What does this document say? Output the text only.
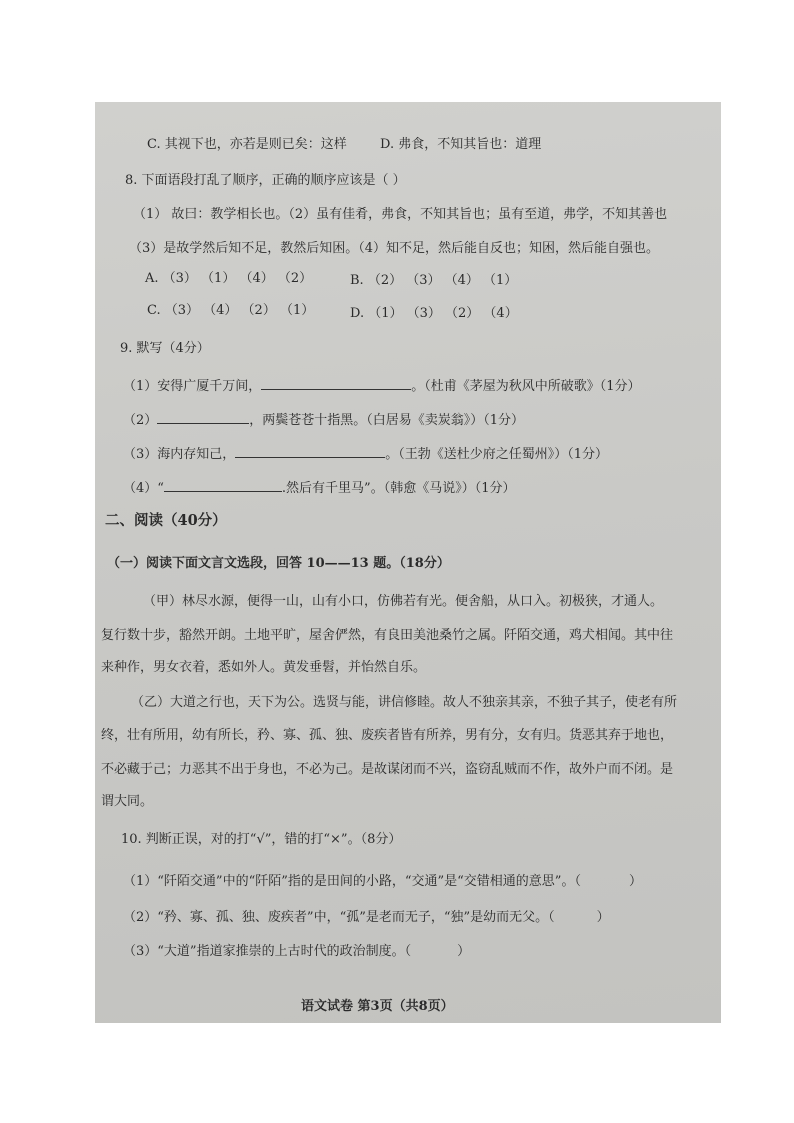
C. 其视下也，亦若是则已矣：这样	D. 弗食，不知其旨也：道理
8. 下面语段打乱了顺序，正确的顺序应该是（ ）
（1） 故曰：教学相长也。（2）虽有佳肴，弗食，不知其旨也；虽有至道，弗学，不知其善也
（3）是故学然后知不足，教然后知困。（4）知不足，然后能自反也；知困，然后能自强也。
A. （3） （1） （4） （2）	B. （2） （3） （4） （1）
C. （3） （4） （2） （1）	D. （1） （3） （2） （4）
9. 默写（4分）
（1）安得广厦千万间，	。（杜甫《茅屋为秋风中所破歌》（1分）
（2）	，两鬓苍苍十指黑。（白居易《卖炭翁》）（1分）
（3）海内存知己，	。（王勃《送杜少府之任蜀州》）（1分）
（4）“	.然后有千里马”。（韩愈《马说》）（1分）
二、阅读（40分）
（一）阅读下面文言文选段，回答 10——13 题。（18分）
（甲）林尽水源，便得一山，山有小口，仿佛若有光。便舍船，从口入。初极狭，才通人。
复行数十步，豁然开朗。土地平旷，屋舍俨然，有良田美池桑竹之属。阡陌交通，鸡犬相闻。其中往
来种作，男女衣着，悉如外人。黄发垂髫，并怡然自乐。
（乙）大道之行也，天下为公。选贤与能，讲信修睦。故人不独亲其亲，不独子其子，使老有所
终，壮有所用，幼有所长，矜、寡、孤、独、废疾者皆有所养，男有分，女有归。货恶其弃于地也，
不必藏于己；力恶其不出于身也，不必为己。是故谋闭而不兴，盗窃乱贼而不作，故外户而不闭。是
谓大同。
10. 判断正误，对的打“√”，错的打“×”。（8分）
（1）“阡陌交通”中的“阡陌”指的是田间的小路，“交通”是“交错相通的意思”。（	）
（2）“矜、寡、孤、独、废疾者”中，“孤”是老而无子，“独”是幼而无父。（	）
（3）“大道”指道家推崇的上古时代的政治制度。（	）
语文试卷 第3页（共8页）
